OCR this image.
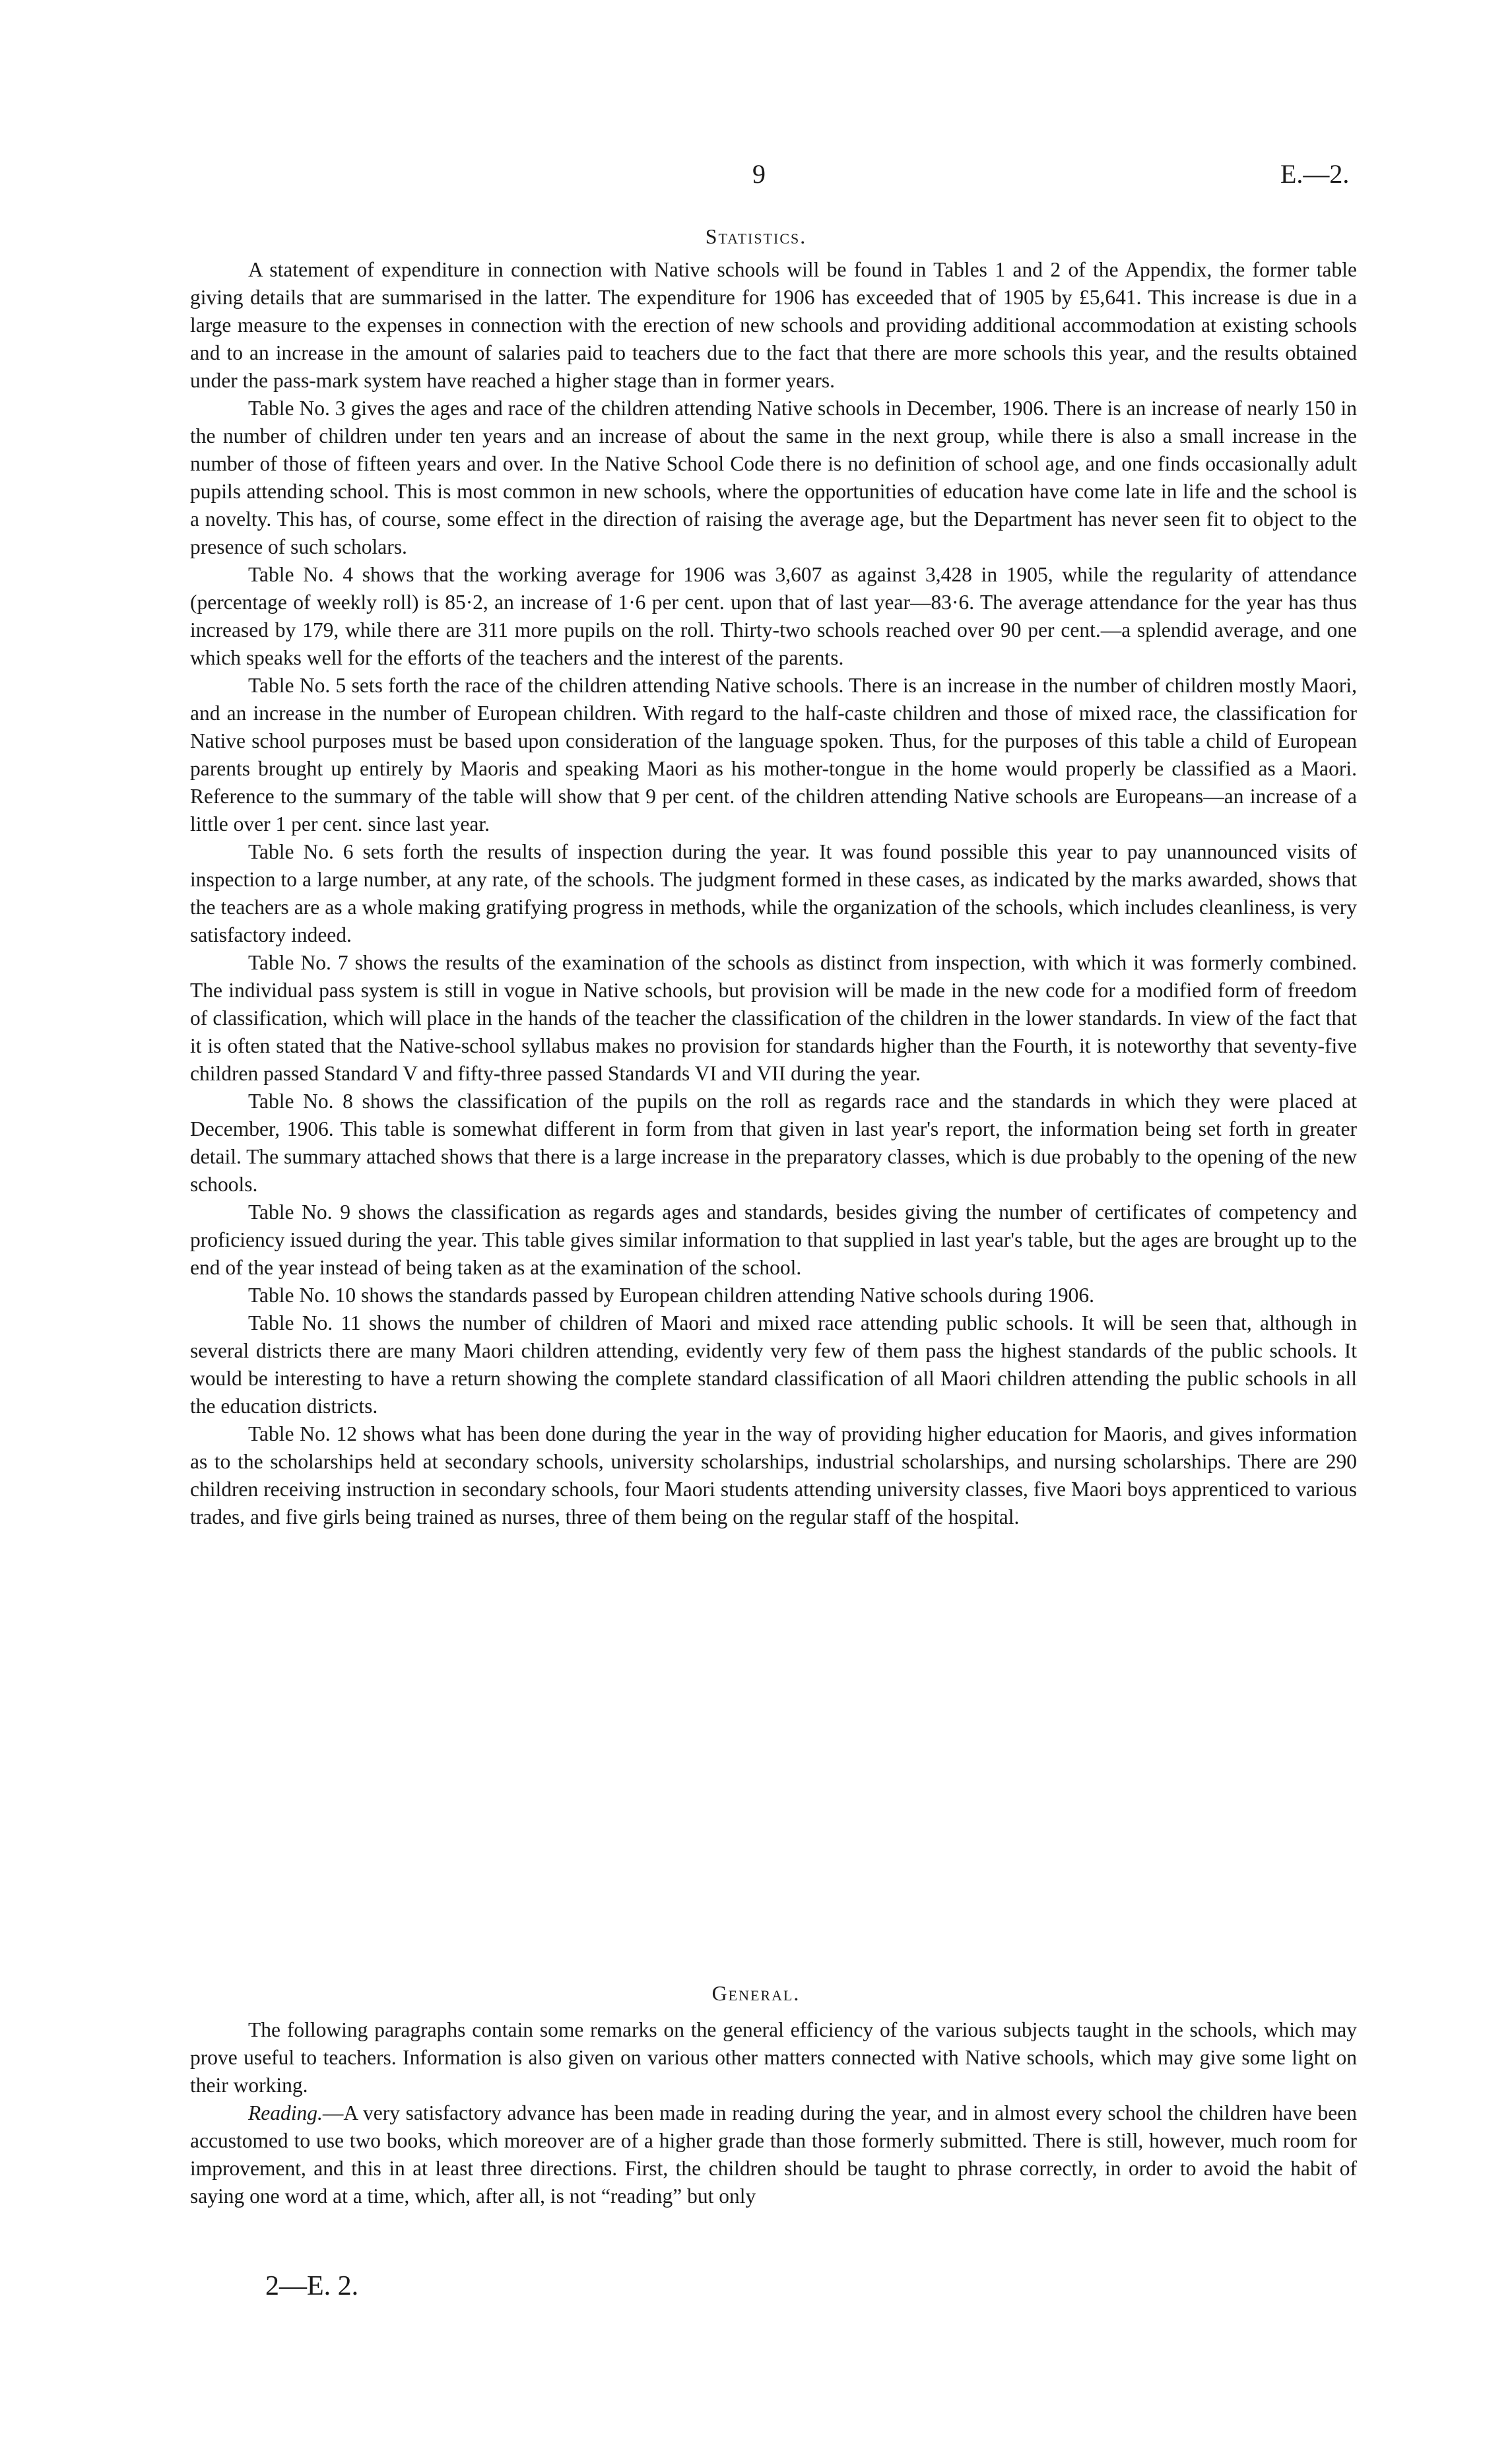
9	E.—2.
Statistics.

A statement of expenditure in connection with Native schools will be found in Tables 1 and 2 of the Appendix, the former table giving details that are summarised in the latter. The expenditure for 1906 has exceeded that of 1905 by £5,641. This increase is due in a large measure to the expenses in connection with the erection of new schools and providing additional accommodation at existing schools and to an increase in the amount of salaries paid to teachers due to the fact that there are more schools this year, and the results obtained under the pass-mark system have reached a higher stage than in former years.

Table No. 3 gives the ages and race of the children attending Native schools in December, 1906. There is an increase of nearly 150 in the number of children under ten years and an increase of about the same in the next group, while there is also a small increase in the number of those of fifteen years and over. In the Native School Code there is no definition of school age, and one finds occasionally adult pupils attending school. This is most common in new schools, where the opportunities of education have come late in life and the school is a novelty. This has, of course, some effect in the direction of raising the average age, but the Department has never seen fit to object to the presence of such scholars.

Table No. 4 shows that the working average for 1906 was 3,607 as against 3,428 in 1905, while the regularity of attendance (percentage of weekly roll) is 85·2, an increase of 1·6 per cent. upon that of last year—83·6. The average attendance for the year has thus increased by 179, while there are 311 more pupils on the roll. Thirty-two schools reached over 90 per cent.—a splendid average, and one which speaks well for the efforts of the teachers and the interest of the parents.

Table No. 5 sets forth the race of the children attending Native schools. There is an increase in the number of children mostly Maori, and an increase in the number of European children. With regard to the half-caste children and those of mixed race, the classification for Native school purposes must be based upon consideration of the language spoken. Thus, for the purposes of this table a child of European parents brought up entirely by Maoris and speaking Maori as his mother-tongue in the home would properly be classified as a Maori. Reference to the summary of the table will show that 9 per cent. of the children attending Native schools are Europeans—an increase of a little over 1 per cent. since last year.

Table No. 6 sets forth the results of inspection during the year. It was found possible this year to pay unannounced visits of inspection to a large number, at any rate, of the schools. The judgment formed in these cases, as indicated by the marks awarded, shows that the teachers are as a whole making gratifying progress in methods, while the organization of the schools, which includes cleanliness, is very satisfactory indeed.

Table No. 7 shows the results of the examination of the schools as distinct from inspection, with which it was formerly combined. The individual pass system is still in vogue in Native schools, but provision will be made in the new code for a modified form of freedom of classification, which will place in the hands of the teacher the classification of the children in the lower standards. In view of the fact that it is often stated that the Native-school syllabus makes no provision for standards higher than the Fourth, it is noteworthy that seventy-five children passed Standard V and fifty-three passed Standards VI and VII during the year.

Table No. 8 shows the classification of the pupils on the roll as regards race and the standards in which they were placed at December, 1906. This table is somewhat different in form from that given in last year's report, the information being set forth in greater detail. The summary attached shows that there is a large increase in the preparatory classes, which is due probably to the opening of the new schools.

Table No. 9 shows the classification as regards ages and standards, besides giving the number of certificates of competency and proficiency issued during the year. This table gives similar information to that supplied in last year's table, but the ages are brought up to the end of the year instead of being taken as at the examination of the school.

Table No. 10 shows the standards passed by European children attending Native schools during 1906.

Table No. 11 shows the number of children of Maori and mixed race attending public schools. It will be seen that, although in several districts there are many Maori children attending, evidently very few of them pass the highest standards of the public schools. It would be interesting to have a return showing the complete standard classification of all Maori children attending the public schools in all the education districts.

Table No. 12 shows what has been done during the year in the way of providing higher education for Maoris, and gives information as to the scholarships held at secondary schools, university scholarships, industrial scholarships, and nursing scholarships. There are 290 children receiving instruction in secondary schools, four Maori students attending university classes, five Maori boys apprenticed to various trades, and five girls being trained as nurses, three of them being on the regular staff of the hospital.

General.

The following paragraphs contain some remarks on the general efficiency of the various subjects taught in the schools, which may prove useful to teachers. Information is also given on various other matters connected with Native schools, which may give some light on their working.

Reading.—A very satisfactory advance has been made in reading during the year, and in almost every school the children have been accustomed to use two books, which moreover are of a higher grade than those formerly submitted. There is still, however, much room for improvement, and this in at least three directions. First, the children should be taught to phrase correctly, in order to avoid the habit of saying one word at a time, which, after all, is not “reading” but only

2—E. 2.
